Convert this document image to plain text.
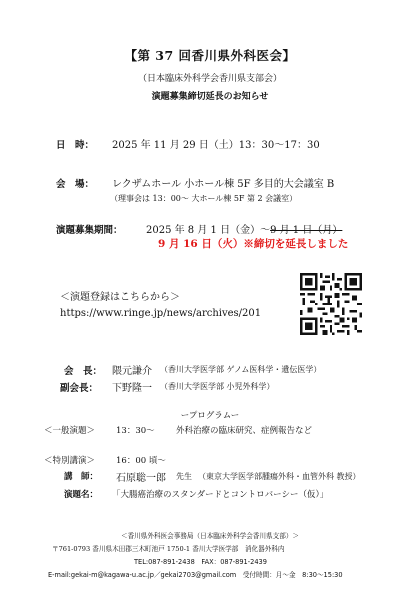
【第 37 回香川県外科医会】
（日本臨床外科学会香川県支部会）
演題募集締切延長のお知らせ
日　時： 2025 年 11 月 29 日（土）13：30～17：30
会　場： レクザムホール 小ホール棟 5F 多目的大会議室 B
（理事会は 13：00～ 大ホール棟 5F 第 2 会議室）
演題募集期間： 2025 年 8 月 1 日（金）～9 月 1 日（月）
9 月 16 日（火）※締切を延長しました
＜演題登録はこちらから＞
https://www.ringe.jp/news/archives/201
会　長： 隈元謙介 （香川大学医学部 ゲノム医科学・遺伝医学）
副会長： 下野隆一 （香川大学医学部 小児外科学）
ープログラムー
＜一般演題＞ 13：30～	外科治療の臨床研究、症例報告など
＜特別講演＞ 16：00 頃～
講　師： 石原聡一郎 先生 （東京大学医学部腫瘍外科・血管外科 教授）
演題名： 「大腸癌治療のスタンダードとコントロバーシー（仮）」
＜香川県外科医会事務局（日本臨床外科学会香川県支部）＞
〒761-0793 香川県木田郡三木町池戸 1750-1 香川大学医学部　消化器外科内
TEL:087-891-2438　FAX：087-891-2439
E-mail:gekai-m@kagawa-u.ac.jp／gekai2703@gmail.com　受付時間：月～金　8:30～15:30
